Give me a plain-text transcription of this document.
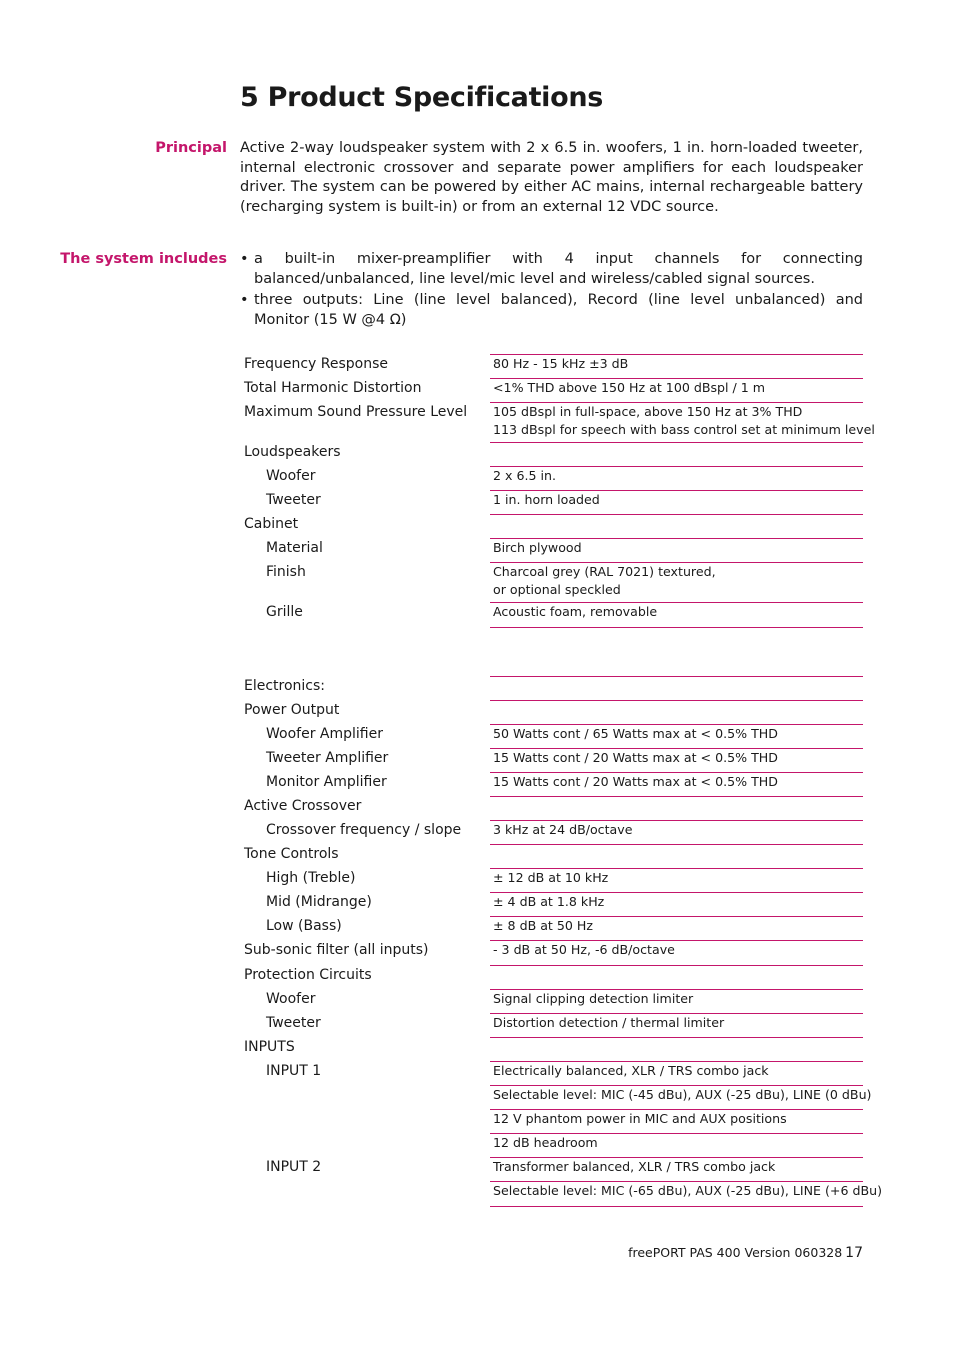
5 Product Specifications
Principal Active 2-way loudspeaker system with 2 x 6.5 in. woofers, 1 in. horn-loaded tweeter, internal electronic crossover and separate power amplifiers for each loudspeaker driver. The system can be powered by either AC mains, internal rechargeable battery (recharging system is built-in) or from an external 12 VDC source.

The system includes • a built-in mixer-preamplifier with 4 input channels for connecting balanced/unbalanced, line level/mic level and wireless/cabled signal sources.
• three outputs: Line (line level balanced), Record (line level unbalanced) and Monitor (15 W @4 Ω)
Frequency Response	80 Hz - 15 kHz ±3 dB
Total Harmonic Distortion	<1% THD above 150 Hz at 100 dBspl / 1 m
Maximum Sound Pressure Level 105 dBspl in full-space, above 150 Hz at 3% THD
113 dBspl for speech with bass control set at minimum level
Loudspeakers
Woofer	2 x 6.5 in.
Tweeter	1 in. horn loaded
Cabinet
Material	Birch plywood
Finish	Charcoal grey (RAL 7021) textured,
or optional speckled
Grille	Acoustic foam, removable
Electronics:
Power Output
Woofer Amplifier	50 Watts cont / 65 Watts max at < 0.5% THD
Tweeter Amplifier	15 Watts cont / 20 Watts max at < 0.5% THD
Monitor Amplifier	15 Watts cont / 20 Watts max at < 0.5% THD
Active Crossover
Crossover frequency / slope	3 kHz at 24 dB/octave
Tone Controls
High (Treble)	± 12 dB at 10 kHz
Mid (Midrange)	± 4 dB at 1.8 kHz
Low (Bass)	± 8 dB at 50 Hz
Sub-sonic filter (all inputs)	- 3 dB at 50 Hz, -6 dB/octave
Protection Circuits
Woofer	Signal clipping detection limiter
Tweeter	Distortion detection / thermal limiter
INPUTS
INPUT 1	Electrically balanced, XLR / TRS combo jack
Selectable level: MIC (-45 dBu), AUX (-25 dBu), LINE (0 dBu)
12 V phantom power in MIC and AUX positions
12 dB headroom
INPUT 2	Transformer balanced, XLR / TRS combo jack
Selectable level: MIC (-65 dBu), AUX (-25 dBu), LINE (+6 dBu)
freePORT PAS 400 Version 060328 17
